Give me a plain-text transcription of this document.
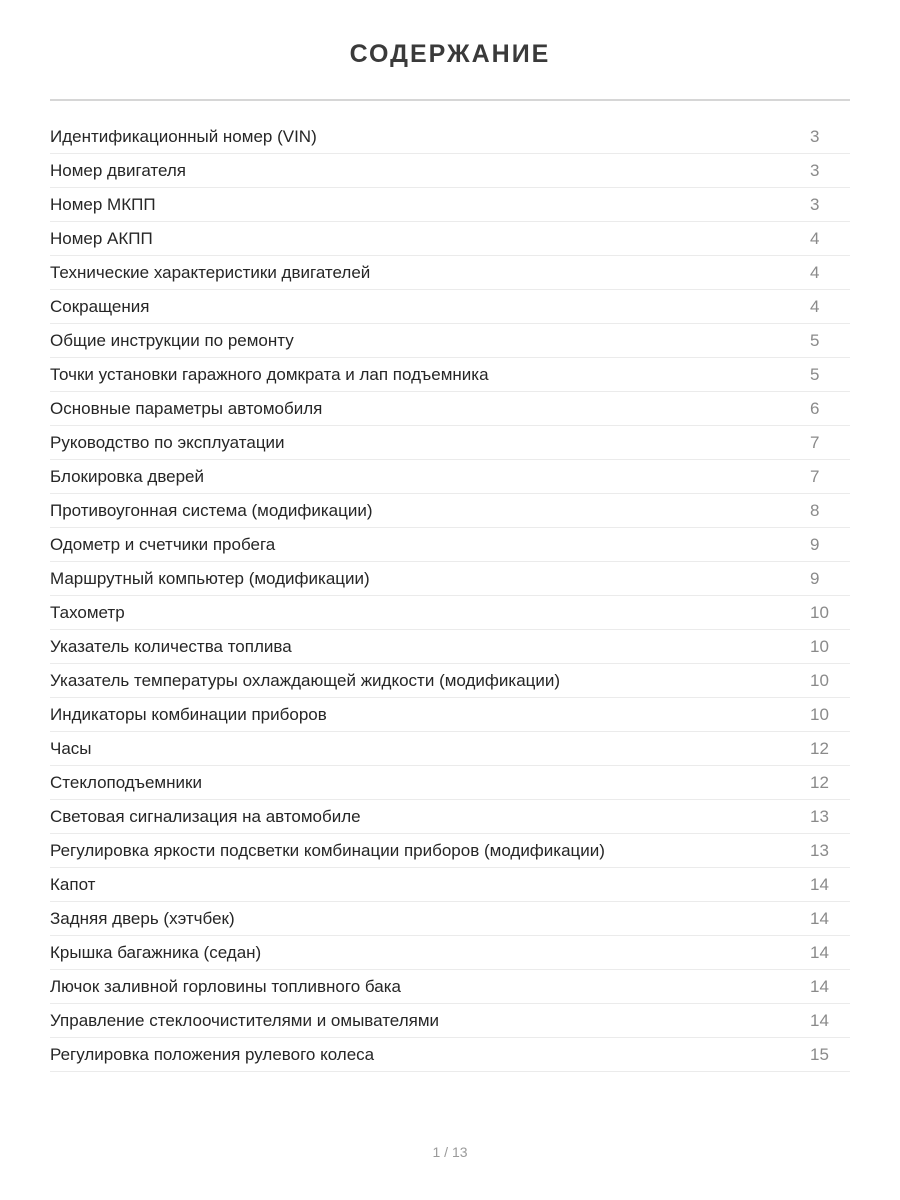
СОДЕРЖАНИЕ
Идентификационный номер (VIN)	3
Номер двигателя	3
Номер МКПП	3
Номер АКПП	4
Технические характеристики двигателей	4
Сокращения	4
Общие инструкции по ремонту	5
Точки установки гаражного домкрата и лап подъемника	5
Основные параметры автомобиля	6
Руководство по эксплуатации	7
Блокировка дверей	7
Противоугонная система (модификации)	8
Одометр и счетчики пробега	9
Маршрутный компьютер (модификации)	9
Тахометр	10
Указатель количества топлива	10
Указатель температуры охлаждающей жидкости (модификации)	10
Индикаторы комбинации приборов	10
Часы	12
Стеклоподъемники	12
Световая сигнализация на автомобиле	13
Регулировка яркости подсветки комбинации приборов (модификации)	13
Капот	14
Задняя дверь (хэтчбек)	14
Крышка багажника (седан)	14
Лючок заливной горловины топливного бака	14
Управление стеклоочистителями и омывателями	14
Регулировка положения рулевого колеса	15
1 / 13
